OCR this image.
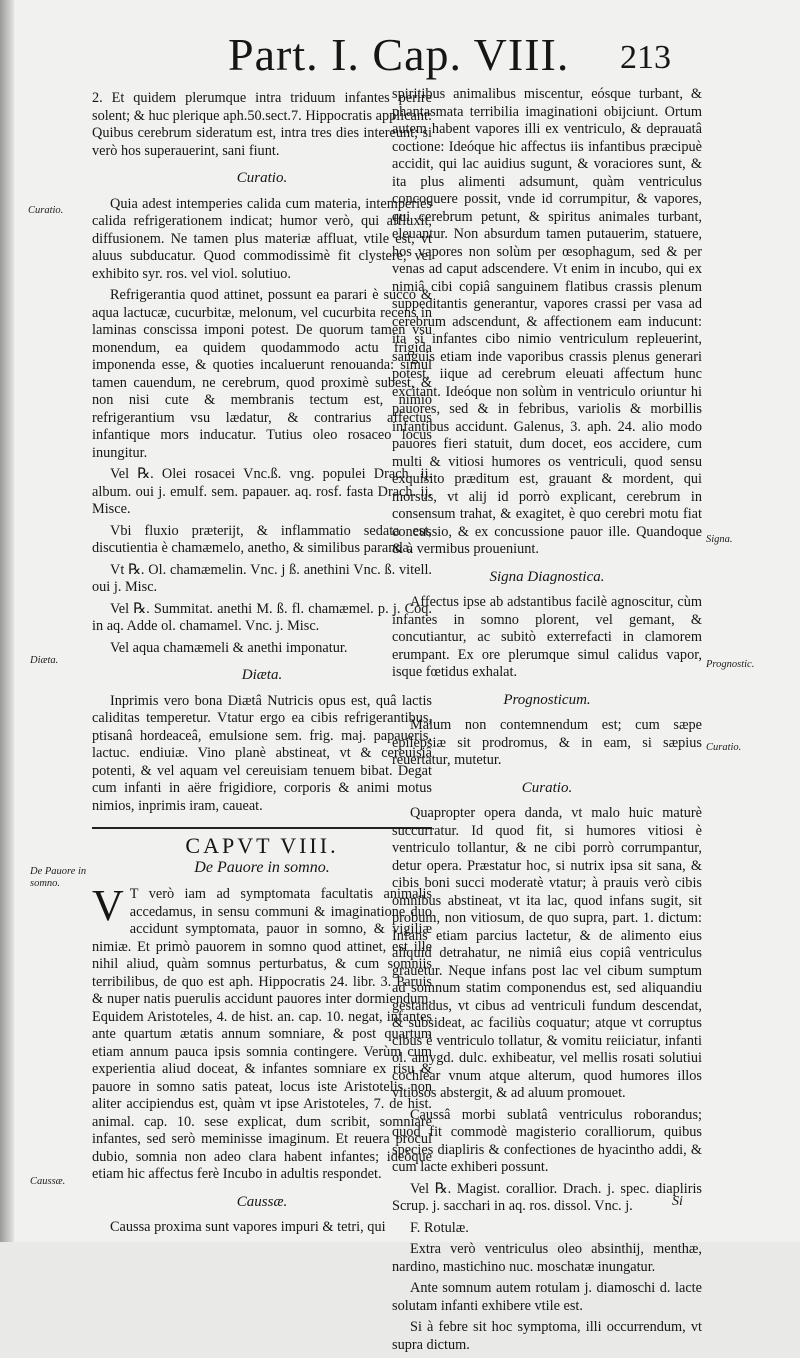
Part. I. Cap. VIII. 213

2. Et quidem plerumque intra triduum infantes perire solent; & huc plerique aph.50.sect.7. Hippocratis applicant: Quibus cerebrum sideratum est, intra tres dies intereunt; si verò hos superauerint, sani fiunt.

Curatio.

Quia adest intemperies calida cum materia, intemperies calida refrigerationem indicat; humor verò, qui affluxit, diffusionem. Ne tamen plus materiæ affluat, vtile est, vt aluus subducatur. Quod commodissimè fit clystere, vel exhibito syr. ros. vel viol. solutiuo.

Refrigerantia quod attinet, possunt ea parari è succo & aqua lactucæ, cucurbitæ, melonum, vel cucurbita recens in laminas conscissa imponi potest. De quorum tamen vsu monendum, ea quidem quodammodo actu frigida imponenda esse, & quoties incaluerunt renouanda: simul tamen cauendum, ne cerebrum, quod proximè subest, & non nisi cute & membranis tectum est, nimio refrigerantium vsu lædatur, & contrarius affectus infantique mors inducatur. Tutius oleo rosaceo locus inungitur.

Vel ℞. Olei rosacei Vnc.ß. vng. populei Drach. ij. album. oui j. emulf. sem. papauer. aq. rosf. fasta Drach. ij. Misce.

Vbi fluxio præterijt, & inflammatio sedata est, discutientia è chamæmelo, anetho, & similibus paranda.

Vt ℞. Ol. chamæmelin. Vnc. j ß. anethini Vnc. ß. vitell. oui j. Misc.

Vel ℞. Summitat. anethi M. ß. fl. chamæmel. p. j. Coq. in aq. Adde ol. chamamel. Vnc. j. Misc.

Vel aqua chamæmeli & anethi imponatur.

Diæta.

Inprimis vero bona Diætâ Nutricis opus est, quâ lactis caliditas temperetur. Vtatur ergo ea cibis refrigerantibus, ptisanâ hordeaceâ, emulsione sem. frig. maj. papaueris, lactuc. endiuiæ. Vino planè abstineat, vt & cereuisiâ potenti, & vel aquam vel cereuisiam tenuem bibat. Degat cum infanti in aëre frigidiore, corporis & animi motus nimios, inprimis iram, caueat.

CAPVT VIII.
De Pauore in somno.
V T verò iam ad symptomata facultatis animalis accedamus, in sensu communi & imaginatione duo accidunt symptomata, pauor in somno, & vigiliæ nimiæ. Et primò pauorem in somno quod attinet, est ille nihil aliud, quàm somnus perturbatus, & cum somniis terribilibus, de quo est aph. Hippocratis 24. libr. 3. Paruis & nuper natis puerulis accidunt pauores inter dormiendum. Equidem Aristoteles, 4. de hist. an. cap. 10. negat, infantes ante quartum ætatis annum somniare, & post quartum etiam annum pauca ipsis somnia contingere. Verùm cum experientia aliud doceat, & infantes somniare ex risu & pauore in somno satis pateat, locus iste Aristotelis non aliter accipiendus est, quàm vt ipse Aristoteles, 7. de hist. animal. cap. 10. sese explicat, dum scribit, somniare infantes, sed serò meminisse imaginum. Et reuera procul dubio, somnia non adeo clara habent infantes; ideòque etiam hic affectus ferè Incubo in adultis respondet.

Caussæ.

Caussa proxima sunt vapores impuri & tetri, qui

spiritibus animalibus miscentur, eósque turbant, & phantasmata terribilia imaginationi obijciunt. Ortum autem habent vapores illi ex ventriculo, & deprauatâ coctione: Ideóque hic affectus iis infantibus præcipuè accidit, qui lac auidius sugunt, & voraciores sunt, & ita plus alimenti adsumunt, quàm ventriculus concoquere possit, vnde id corrumpitur, & vapores, qui cerebrum petunt, & spiritus animales turbant, eleuantur. Non absurdum tamen putauerim, statuere, hos vapores non solùm per œsophagum, sed & per venas ad caput adscendere. Vt enim in incubo, qui ex nimiâ cibi copiâ sanguinem flatibus crassis plenum suppeditantis generantur, vapores crassi per vasa ad cerebrum adscendunt, & affectionem eam inducunt: ita si infantes cibo nimio ventriculum repleuerint, sanguis etiam inde vaporibus crassis plenus generari potest, iique ad cerebrum eleuati affectum hunc excitant. Ideóque non solùm in ventriculo oriuntur hi pauores, sed & in febribus, variolis & morbillis infantibus accidunt. Galenus, 3. aph. 24. alio modo pauores fieri statuit, dum docet, eos accidere, cum multi & vitiosi humores os ventriculi, quod sensu exquisito præditum est, grauant & mordent, qui morsus, vt alij id porrò explicant, cerebrum in consensum trahat, & exagitet, è quo cerebri motu fiat concussio, & ex concussione pauor ille. Quandoque & à vermibus proueniunt.

Signa Diagnostica.

Affectus ipse ab adstantibus facilè agnoscitur, cùm infantes in somno plorent, vel gemant, & concutiantur, ac subitò exterrefacti in clamorem erumpant. Ex ore plerumque simul calidus vapor, isque fœtidus exhalat.

Prognosticum.

Malum non contemnendum est; cum sæpe epilepsiæ sit prodromus, & in eam, si sæpius reuertatur, mutetur.

Curatio.

Quapropter opera danda, vt malo huic maturè succurratur. Id quod fit, si humores vitiosi è ventriculo tollantur, & ne cibi porrò corrumpantur, detur opera. Præstatur hoc, si nutrix ipsa sit sana, & cibis boni succi moderatè vtatur; à prauis verò cibis omnibus abstineat, vt ita lac, quod infans sugit, sit probum, non vitiosum, de quo supra, part. 1. dictum: Infans etiam parcius lactetur, & de alimento eius aliquid detrahatur, ne nimiâ eius copiâ ventriculus grauetur. Neque infans post lac vel cibum sumptum ad somnum statim componendus est, sed aliquandiu gestandus, vt cibus ad ventriculi fundum descendat, & subsideat, ac faciliùs coquatur; atque vt corruptus cibus è ventriculo tollatur, & vomitu reiiciatur, infanti ol. amygd. dulc. exhibeatur, vel mellis rosati solutiui cochlear vnum atque alterum, quod humores illos vitiosos abstergit, & ad aluum promouet.

Caussâ morbi sublatâ ventriculus roborandus; quod fit commodè magisterio coralliorum, quibus species diapliris & confectiones de hyacintho addi, & cum lacte exhiberi possunt.

Vel ℞. Magist. corallior. Drach. j. spec. diapliris Scrup. j. sacchari in aq. ros. dissol. Vnc. j.

F. Rotulæ.

Extra verò ventriculus oleo absinthij, menthæ, nardino, mastichino nuc. moschatæ inungatur.

Ante somnum autem rotulam j. diamoschi d. lacte solutam infanti exhibere vtile est.

Si à febre sit hoc symptoma, illi occurrendum, vt supra dictum.

Curatio.
Diæta.
De Pauore in somno.
Caussæ.
Signa.
Prognostic.
Curatio.
Si
